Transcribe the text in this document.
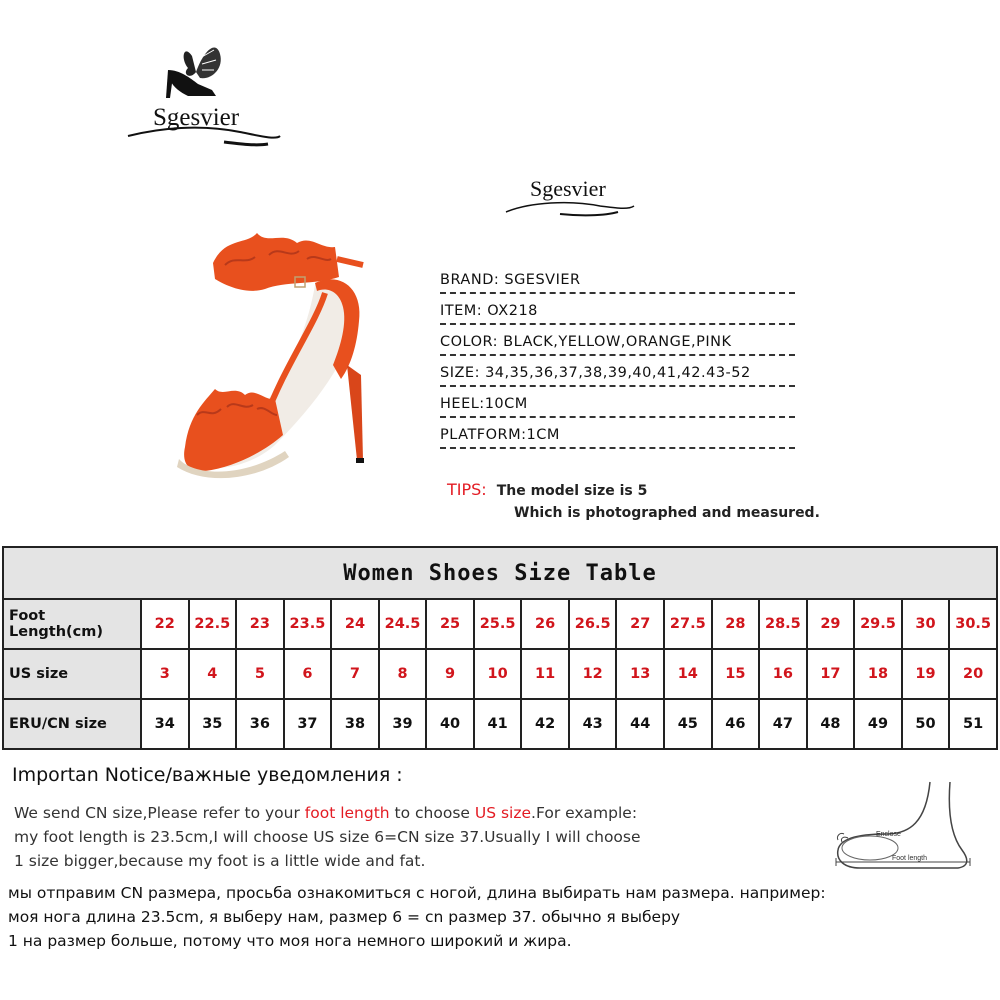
Sgesvier
Sgesvier
BRAND: SGESVIER
ITEM: OX218
COLOR: BLACK,YELLOW,ORANGE,PINK
SIZE: 34,35,36,37,38,39,40,41,42.43-52
HEEL:10CM
PLATFORM:1CM
TIPS: The model size is 5
Which is photographed and measured.
Women Shoes Size Table																		
Foot Length(cm)	22	22.5	23	23.5	24	24.5	25	25.5	26	26.5	27	27.5	28	28.5	29	29.5	30	30.5
US size	3	4	5	6	7	8	9	10	11	12	13	14	15	16	17	18	19	20
ERU/CN size	34	35	36	37	38	39	40	41	42	43	44	45	46	47	48	49	50	51
Importan Notice/важные уведомления :
We send CN size,Please refer to your foot length to choose US size.For example:
my foot length is 23.5cm,I will choose US size 6=CN size 37.Usually I will choose
1 size bigger,because my foot is a little wide and fat.
мы отправим CN размера, просьба ознакомиться с ногой, длина выбирать нам размера. например:
моя нога длина 23.5cm, я выберу нам, размер 6 = cn размер 37. обычно я выберу
1 на размер больше, потому что моя нога немного широкий и жира.
Enclose
Foot length
